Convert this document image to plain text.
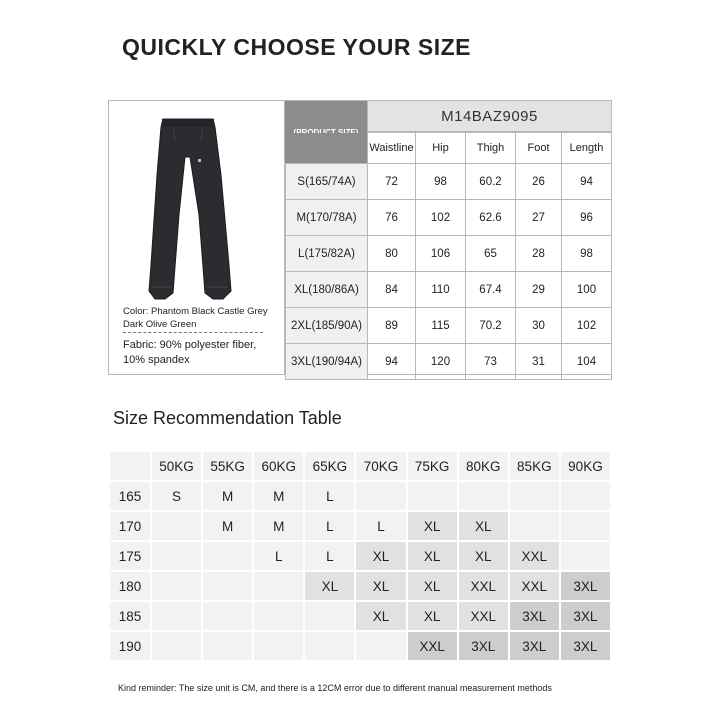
QUICKLY CHOOSE YOUR SIZE
Color: Phantom Black Castle Grey Dark Olive Green
Fabric: 90% polyester fiber, 10% spandex
M14BAZ9095
	Waistline	Hip	Thigh	Foot	Length
S(165/74A)	72	98	60.2	26	94
M(170/78A)	76	102	62.6	27	96
L(175/82A)	80	106	65	28	98
XL(180/86A)	84	110	67.4	29	100
2XL(185/90A)	89	115	70.2	30	102
3XL(190/94A)	94	120	73	31	104
Size Recommendation Table
	50KG	55KG	60KG	65KG	70KG	75KG	80KG	85KG	90KG
165	S	M	M	L					
170		M	M	L	L	XL	XL		
175			L	L	XL	XL	XL	XXL	
180				XL	XL	XL	XXL	XXL	3XL
185					XL	XL	XXL	3XL	3XL
190						XXL	3XL	3XL	3XL
Kind reminder: The size unit is CM, and there is a 12CM error due to different manual measurement methods
